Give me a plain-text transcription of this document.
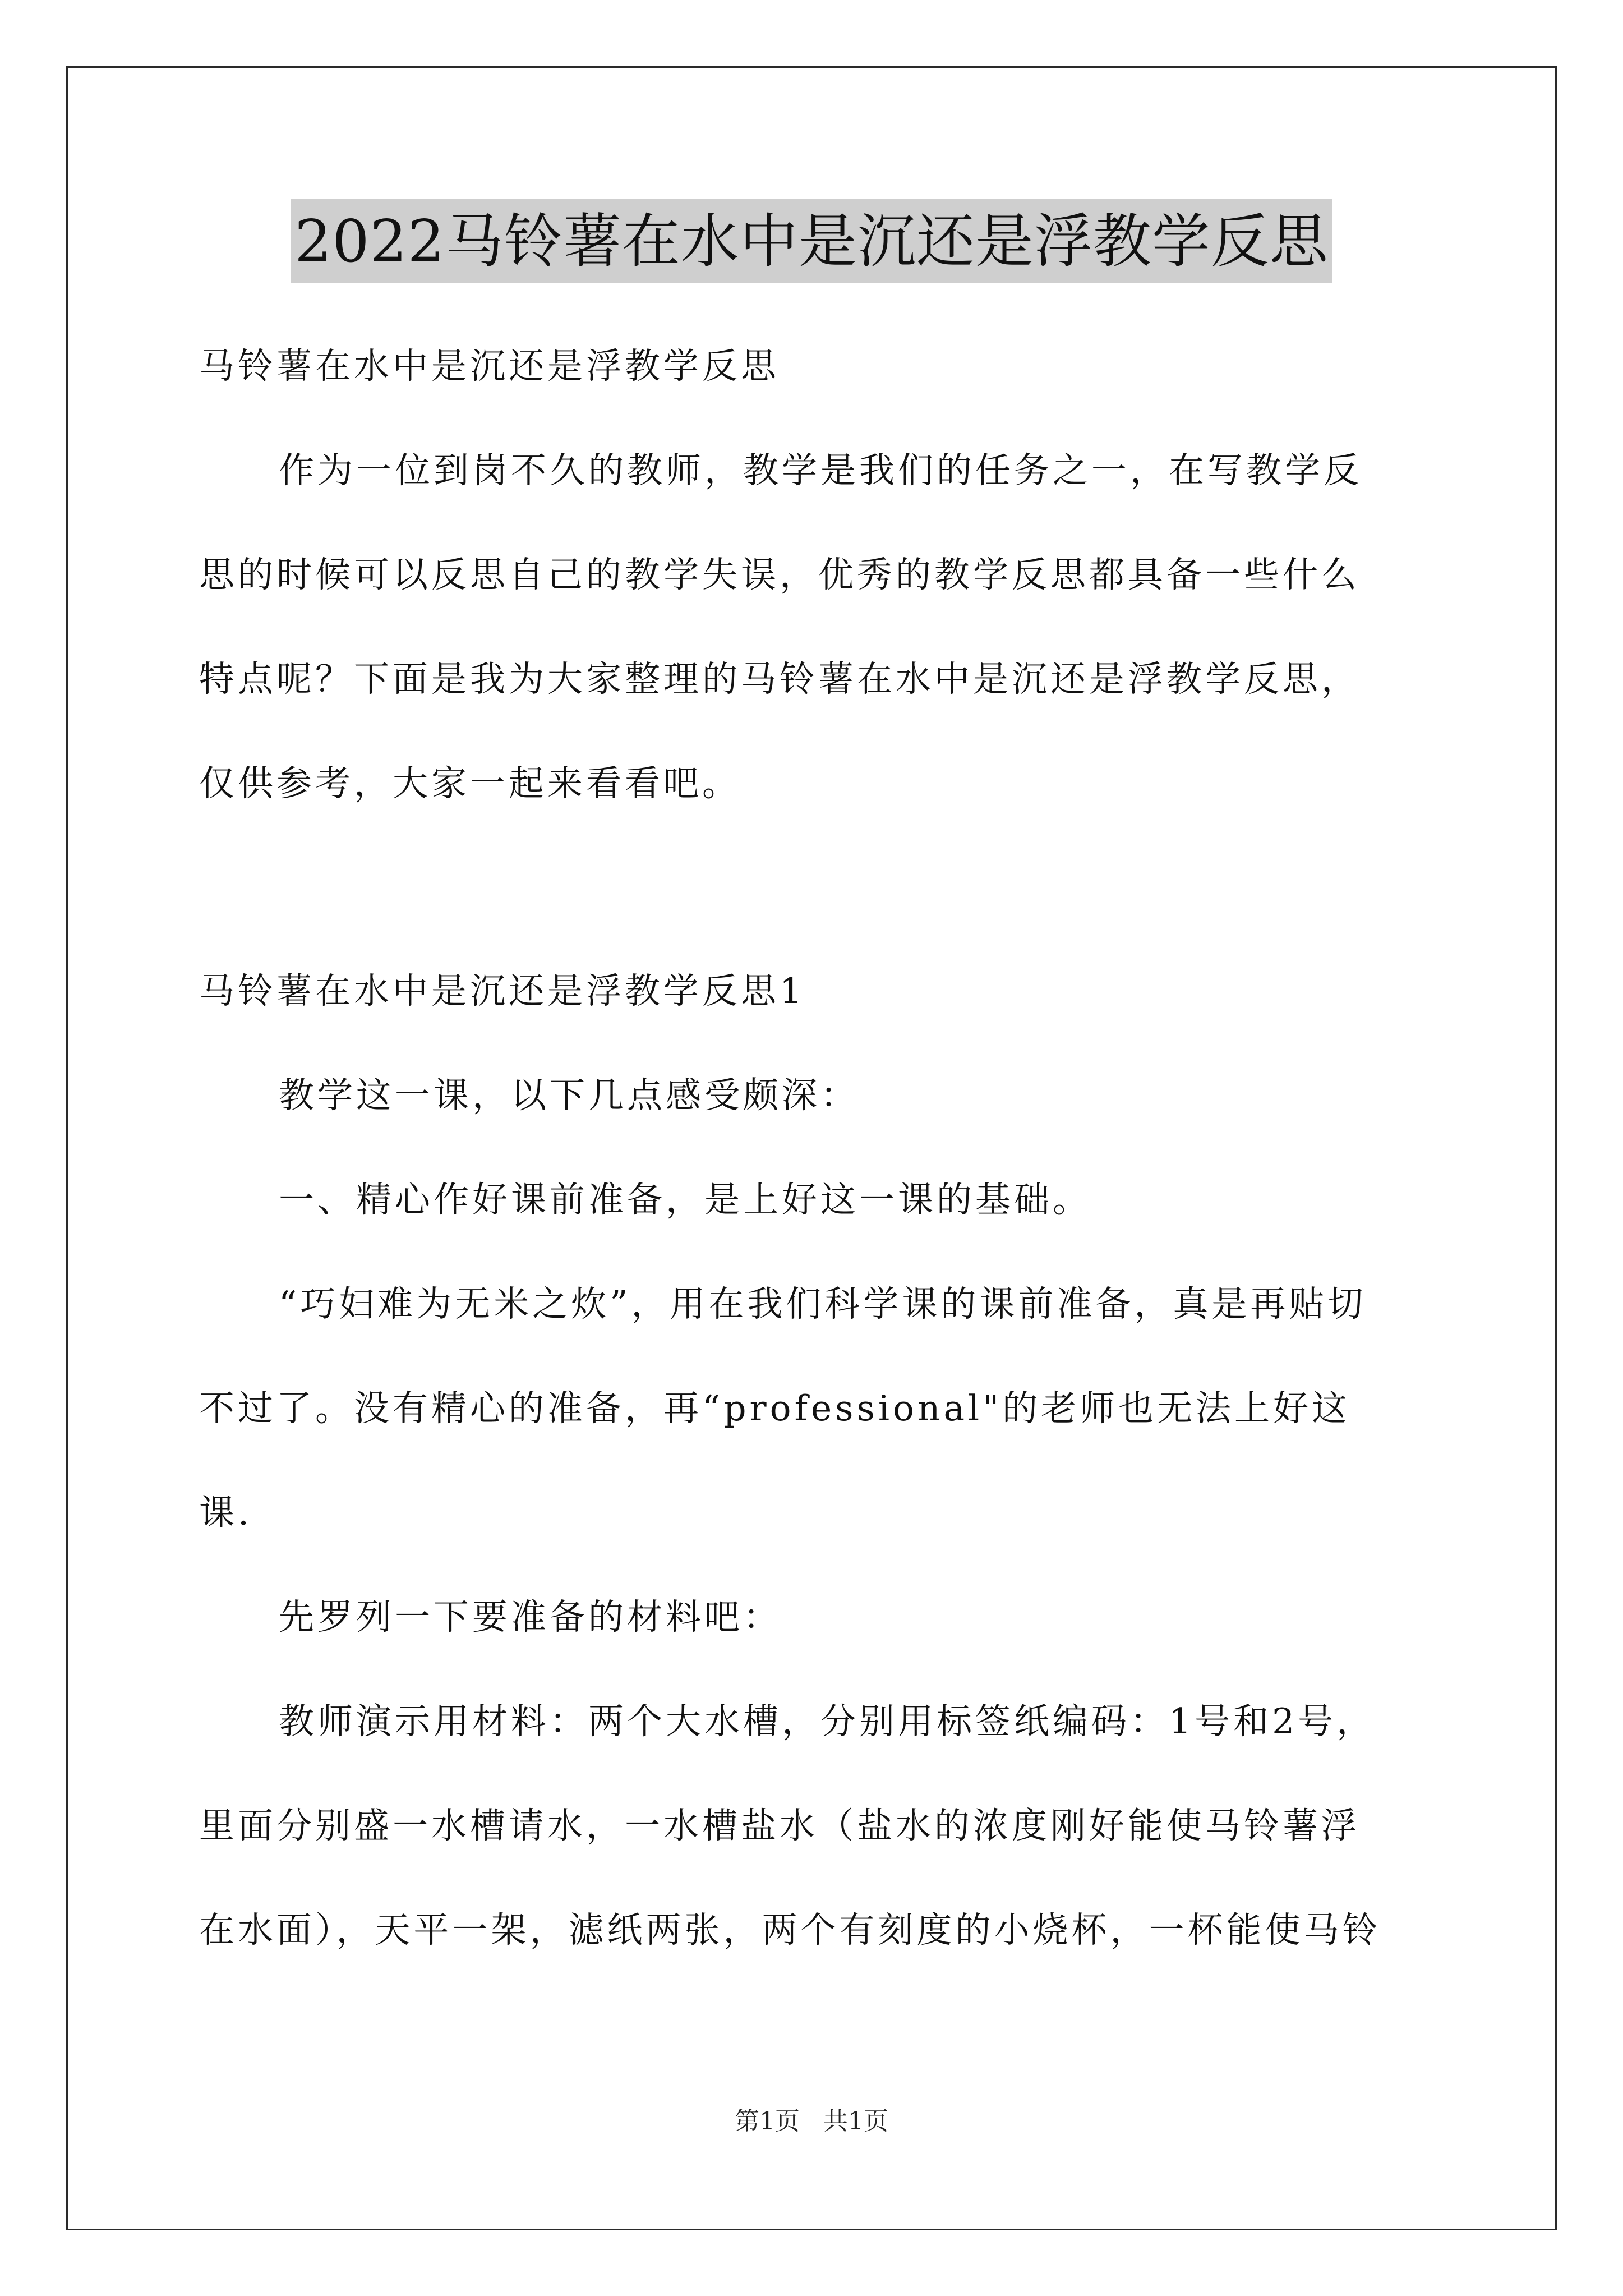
2022马铃薯在水中是沉还是浮教学反思

马铃薯在水中是沉还是浮教学反思

作为一位到岗不久的教师，教学是我们的任务之一，在写教学反

思的时候可以反思自己的教学失误，优秀的教学反思都具备一些什么

特点呢？下面是我为大家整理的马铃薯在水中是沉还是浮教学反思，

仅供参考，大家一起来看看吧。

马铃薯在水中是沉还是浮教学反思1

教学这一课，以下几点感受颇深：

一、精心作好课前准备，是上好这一课的基础。

“巧妇难为无米之炊”，用在我们科学课的课前准备，真是再贴切

不过了。没有精心的准备，再“professional"的老师也无法上好这

课.

先罗列一下要准备的材料吧：

教师演示用材料：两个大水槽，分别用标签纸编码：1号和2号，

里面分别盛一水槽请水，一水槽盐水（盐水的浓度刚好能使马铃薯浮

在水面），天平一架，滤纸两张，两个有刻度的小烧杯，一杯能使马铃

第1页 共1页
